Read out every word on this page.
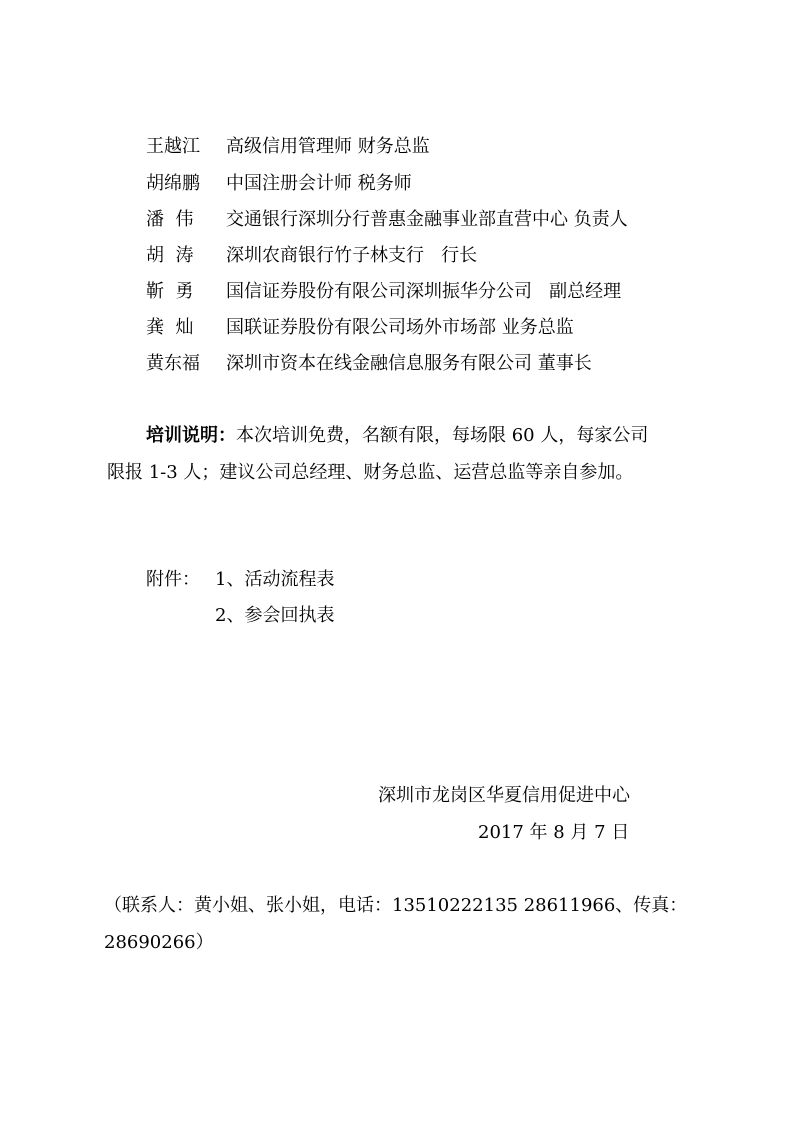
王越江 高级信用管理师 财务总监
胡绵鹏 中国注册会计师 税务师
潘  伟 交通银行深圳分行普惠金融事业部直营中心 负责人
胡  涛 深圳农商银行竹子林支行   行长
靳  勇 国信证券股份有限公司深圳振华分公司   副总经理
龚  灿 国联证券股份有限公司场外市场部 业务总监
黄东福 深圳市资本在线金融信息服务有限公司 董事长
培训说明：本次培训免费，名额有限，每场限 60 人，每家公司
限报 1-3 人；建议公司总经理、财务总监、运营总监等亲自参加。
附件： 1、活动流程表
2、参会回执表
深圳市龙岗区华夏信用促进中心
2017 年 8 月 7 日
（联系人：黄小姐、张小姐，电话：13510222135 28611966、传真：
28690266）
